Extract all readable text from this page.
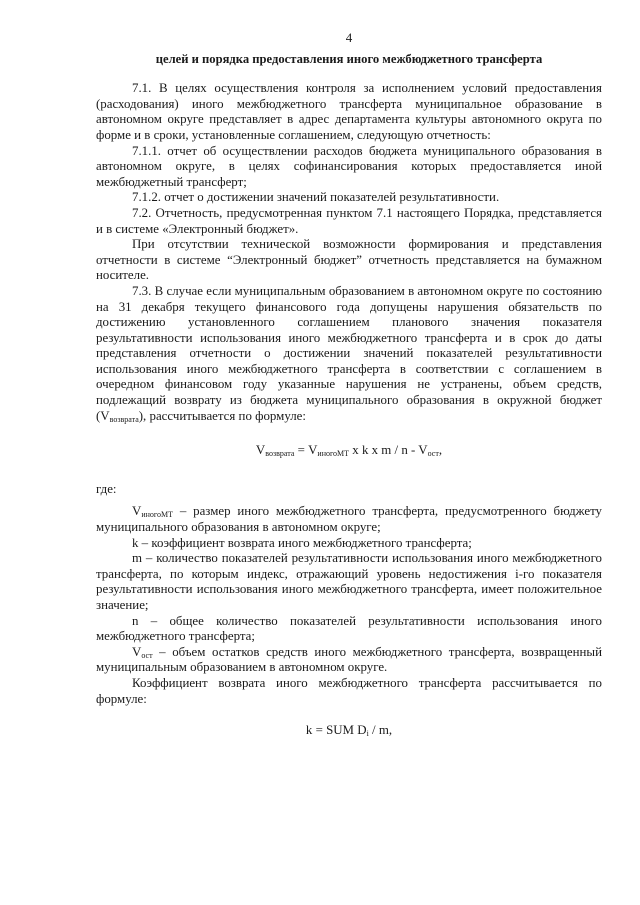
4
целей и порядка предоставления иного межбюджетного трансферта

7.1. В целях осуществления контроля за исполнением условий предоставления (расходования) иного межбюджетного трансферта муниципальное образование в автономном округе представляет в адрес департамента культуры автономного округа по форме и в сроки, установленные соглашением, следующую отчетность:

7.1.1. отчет об осуществлении расходов бюджета муниципального образования в автономном округе, в целях софинансирования которых предоставляется иной межбюджетный трансферт;

7.1.2. отчет о достижении значений показателей результативности.

7.2. Отчетность, предусмотренная пунктом 7.1 настоящего Порядка, представляется и в системе «Электронный бюджет».

При отсутствии технической возможности формирования и представления отчетности в системе “Электронный бюджет” отчетность представляется на бумажном носителе.

7.3. В случае если муниципальным образованием в автономном округе по состоянию на 31 декабря текущего финансового года допущены нарушения обязательств по достижению установленного соглашением планового значения показателя результативности использования иного межбюджетного трансферта и в срок до даты представления отчетности о достижении значений показателей результативности использования иного межбюджетного трансферта в соответствии с соглашением в очередном финансовом году указанные нарушения не устранены, объем средств, подлежащий возврату из бюджета муниципального образования в окружной бюджет $(V_{возврата})$, рассчитывается по формуле:

$V_{возврата} = V_{иногоМТ}$ x k x m / n - $V_{ост}$,

где:

$V_{иногоМТ}$ – размер иного межбюджетного трансферта, предусмотренного бюджету муниципального образования в автономном округе;

k – коэффициент возврата иного межбюджетного трансферта;

m – количество показателей результативности использования иного межбюджетного трансферта, по которым индекс, отражающий уровень недостижения i-го показателя результативности использования иного межбюджетного трансферта, имеет положительное значение;

n – общее количество показателей результативности использования иного межбюджетного трансферта;

$V_{ост}$ – объем остатков средств иного межбюджетного трансферта, возвращенный муниципальным образованием в автономном округе.

Коэффициент возврата иного межбюджетного трансферта рассчитывается по формуле:

k = SUM $D_i$ / m,
